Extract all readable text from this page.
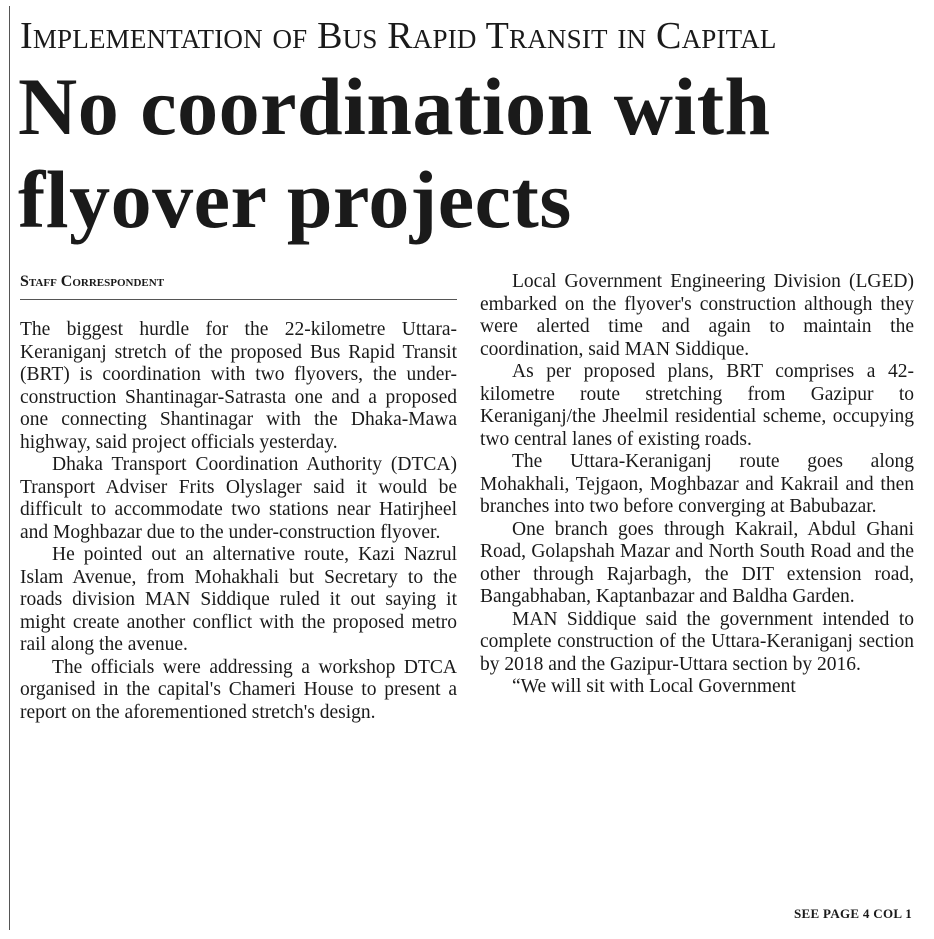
Implementation of Bus Rapid Transit in Capital
No coordination with flyover projects
Staff Correspondent

The biggest hurdle for the 22-kilometre Uttara-Keraniganj stretch of the proposed Bus Rapid Transit (BRT) is coordination with two flyovers, the under-construction Shantinagar-Satrasta one and a proposed one connecting Shantinagar with the Dhaka-Mawa highway, said project officials yesterday.

Dhaka Transport Coordination Authority (DTCA) Transport Adviser Frits Olyslager said it would be difficult to accommodate two stations near Hatirjheel and Moghbazar due to the under-construction flyover.

He pointed out an alternative route, Kazi Nazrul Islam Avenue, from Mohakhali but Secretary to the roads division MAN Siddique ruled it out saying it might create another conflict with the proposed metro rail along the avenue.

The officials were addressing a workshop DTCA organised in the capital's Chameri House to present a report on the aforementioned stretch's design.

Local Government Engineering Division (LGED) embarked on the flyover's construction although they were alerted time and again to maintain the coordination, said MAN Siddique.

As per proposed plans, BRT comprises a 42-kilometre route stretching from Gazipur to Keraniganj/the Jheelmil residential scheme, occupying two central lanes of existing roads.

The Uttara-Keraniganj route goes along Mohakhali, Tejgaon, Moghbazar and Kakrail and then branches into two before converging at Babubazar.

One branch goes through Kakrail, Abdul Ghani Road, Golapshah Mazar and North South Road and the other through Rajarbagh, the DIT extension road, Bangabhaban, Kaptanbazar and Baldha Garden.

MAN Siddique said the government intended to complete construction of the Uttara-Keraniganj section by 2018 and the Gazipur-Uttara section by 2016.

“We will sit with Local Government

SEE PAGE 4 COL 1
